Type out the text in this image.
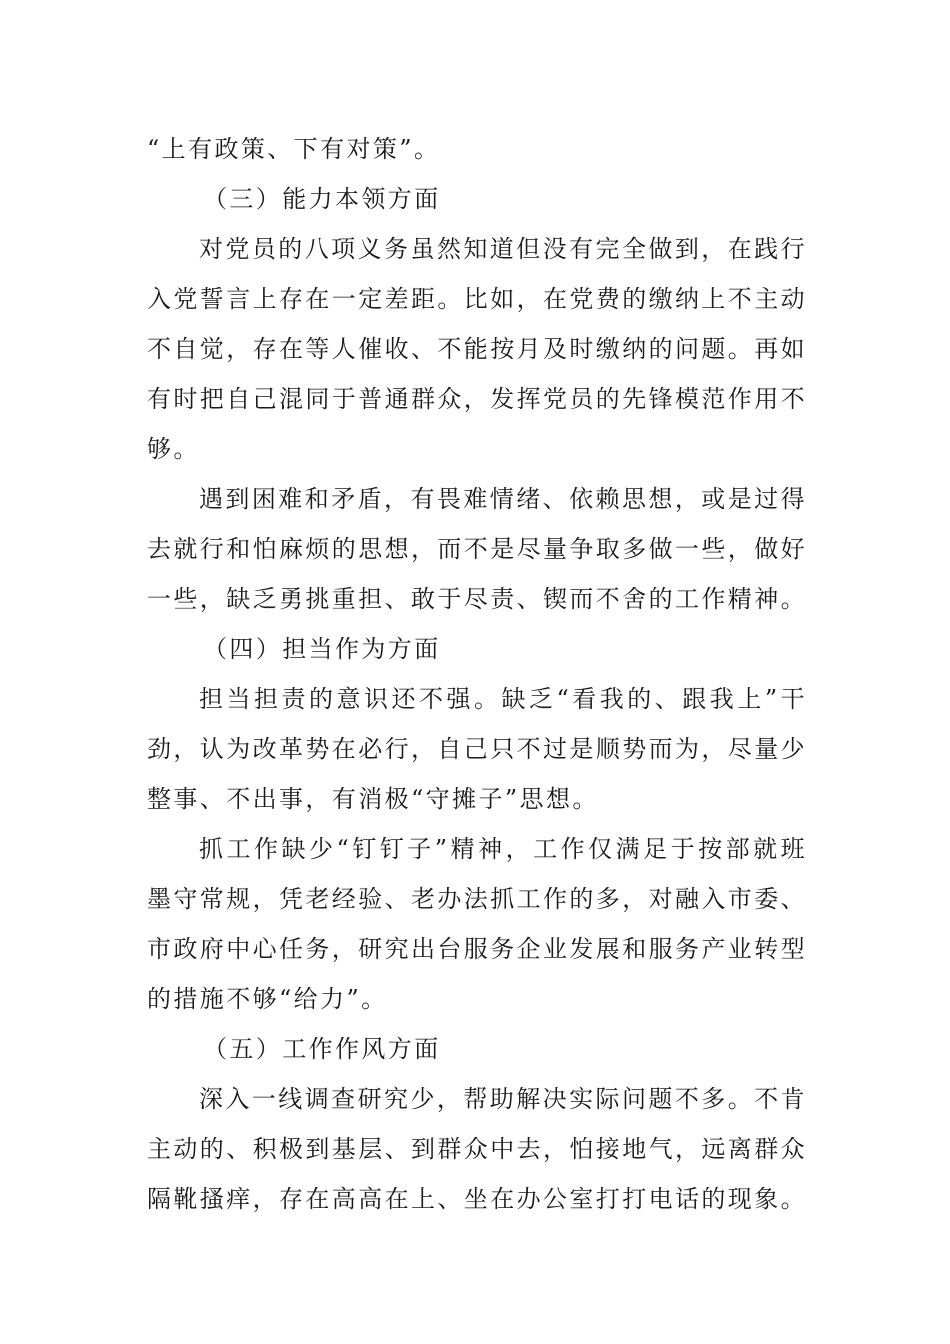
“上有政策、下有对策”。
（三）能力本领方面
对党员的八项义务虽然知道但没有完全做到，在践行
入党誓言上存在一定差距。比如，在党费的缴纳上不主动
不自觉，存在等人催收、不能按月及时缴纳的问题。再如
有时把自己混同于普通群众，发挥党员的先锋模范作用不
够。
遇到困难和矛盾，有畏难情绪、依赖思想，或是过得
去就行和怕麻烦的思想，而不是尽量争取多做一些，做好
一些，缺乏勇挑重担、敢于尽责、锲而不舍的工作精神。
（四）担当作为方面
担当担责的意识还不强。缺乏“看我的、跟我上”干
劲，认为改革势在必行，自己只不过是顺势而为，尽量少
整事、不出事，有消极“守摊子”思想。
抓工作缺少“钉钉子”精神，工作仅满足于按部就班
墨守常规，凭老经验、老办法抓工作的多，对融入市委、
市政府中心任务，研究出台服务企业发展和服务产业转型
的措施不够“给力”。
（五）工作作风方面
深入一线调查研究少，帮助解决实际问题不多。不肯
主动的、积极到基层、到群众中去，怕接地气，远离群众
隔靴搔痒，存在高高在上、坐在办公室打打电话的现象。
